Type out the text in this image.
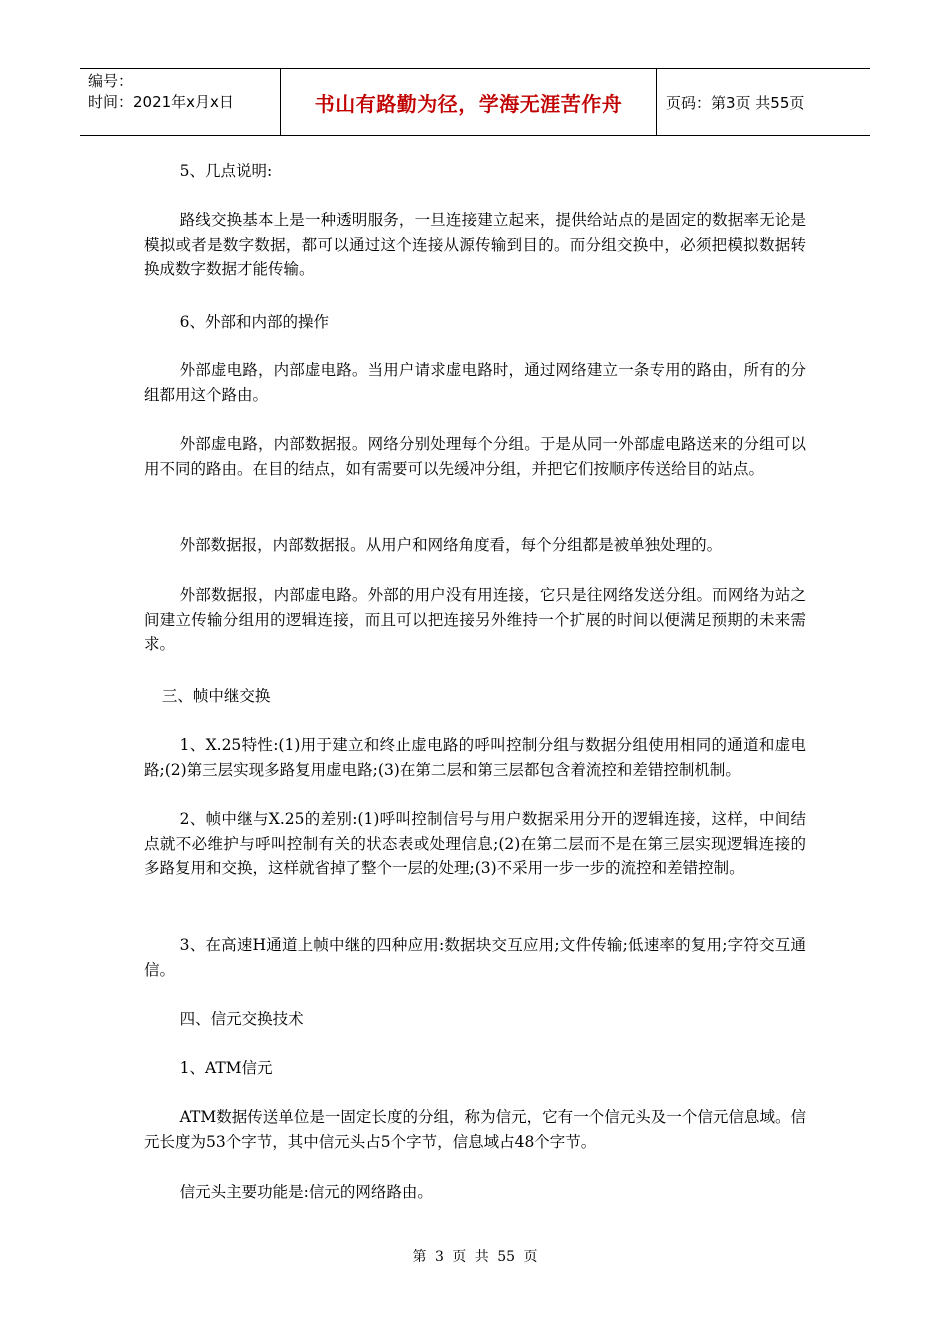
编号：
时间：2021年x月x日	书山有路勤为径，学海无涯苦作舟	页码：第3页 共55页
5、几点说明:
路线交换基本上是一种透明服务，一旦连接建立起来，提供给站点的是固定的数据率无论是模拟或者是数字数据，都可以通过这个连接从源传输到目的。而分组交换中，必须把模拟数据转换成数字数据才能传输。
6、外部和内部的操作
外部虚电路，内部虚电路。当用户请求虚电路时，通过网络建立一条专用的路由，所有的分组都用这个路由。
外部虚电路，内部数据报。网络分别处理每个分组。于是从同一外部虚电路送来的分组可以用不同的路由。在目的结点，如有需要可以先缓冲分组，并把它们按顺序传送给目的站点。
外部数据报，内部数据报。从用户和网络角度看，每个分组都是被单独处理的。
外部数据报，内部虚电路。外部的用户没有用连接，它只是往网络发送分组。而网络为站之间建立传输分组用的逻辑连接，而且可以把连接另外维持一个扩展的时间以便满足预期的未来需求。
三、帧中继交换
1、X.25特性:(1)用于建立和终止虚电路的呼叫控制分组与数据分组使用相同的通道和虚电路;(2)第三层实现多路复用虚电路;(3)在第二层和第三层都包含着流控和差错控制机制。
2、帧中继与X.25的差别:(1)呼叫控制信号与用户数据采用分开的逻辑连接，这样，中间结点就不必维护与呼叫控制有关的状态表或处理信息;(2)在第二层而不是在第三层实现逻辑连接的多路复用和交换，这样就省掉了整个一层的处理;(3)不采用一步一步的流控和差错控制。
3、在高速H通道上帧中继的四种应用:数据块交互应用;文件传输;低速率的复用;字符交互通信。
四、信元交换技术
1、ATM信元
ATM数据传送单位是一固定长度的分组，称为信元，它有一个信元头及一个信元信息域。信元长度为53个字节，其中信元头占5个字节，信息域占48个字节。
信元头主要功能是:信元的网络路由。
第 3 页 共 55 页
